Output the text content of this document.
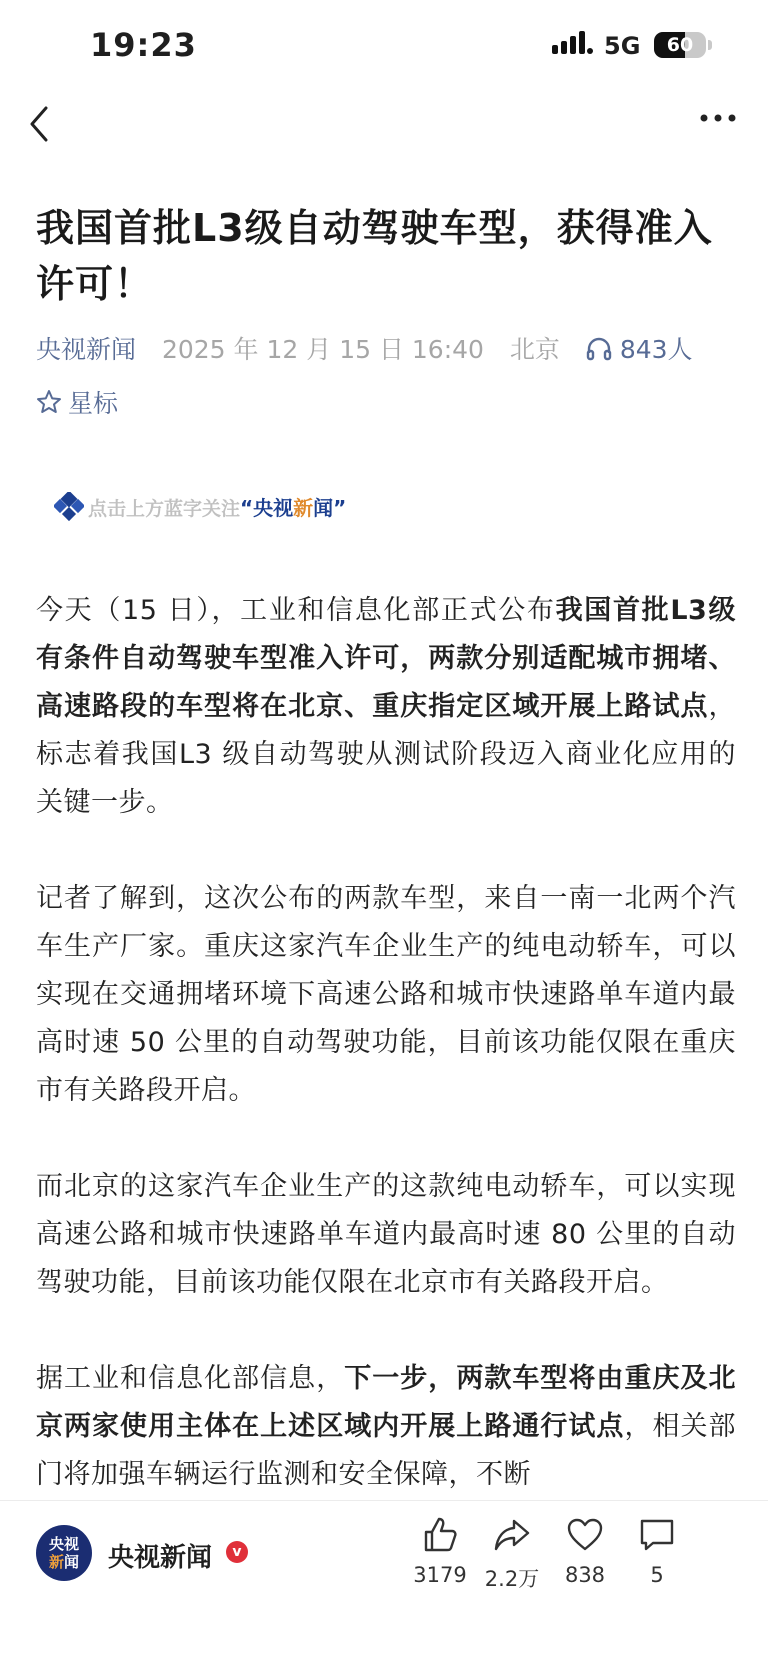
19:23	5G	60
我国首批L3级自动驾驶车型，获得准入许可！
央视新闻 2025 年 12 月 15 日 16:40 北京 843人
星标
点击上方蓝字关注“央视新闻”

今天（15 日），工业和信息化部正式公布我国首批L3级有条件自动驾驶车型准入许可，两款分别适配城市拥堵、高速路段的车型将在北京、重庆指定区域开展上路试点，标志着我国L3 级自动驾驶从测试阶段迈入商业化应用的关键一步。

记者了解到，这次公布的两款车型，来自一南一北两个汽车生产厂家。重庆这家汽车企业生产的纯电动轿车，可以实现在交通拥堵环境下高速公路和城市快速路单车道内最高时速 50 公里的自动驾驶功能，目前该功能仅限在重庆市有关路段开启。

而北京的这家汽车企业生产的这款纯电动轿车，可以实现高速公路和城市快速路单车道内最高时速 80 公里的自动驾驶功能，目前该功能仅限在北京市有关路段开启。

据工业和信息化部信息，下一步，两款车型将由重庆及北京两家使用主体在上述区域内开展上路通行试点，相关部门将加强车辆运行监测和安全保障，不断

央视
新闻	央视新闻	v
3179 2.2万	838	5
